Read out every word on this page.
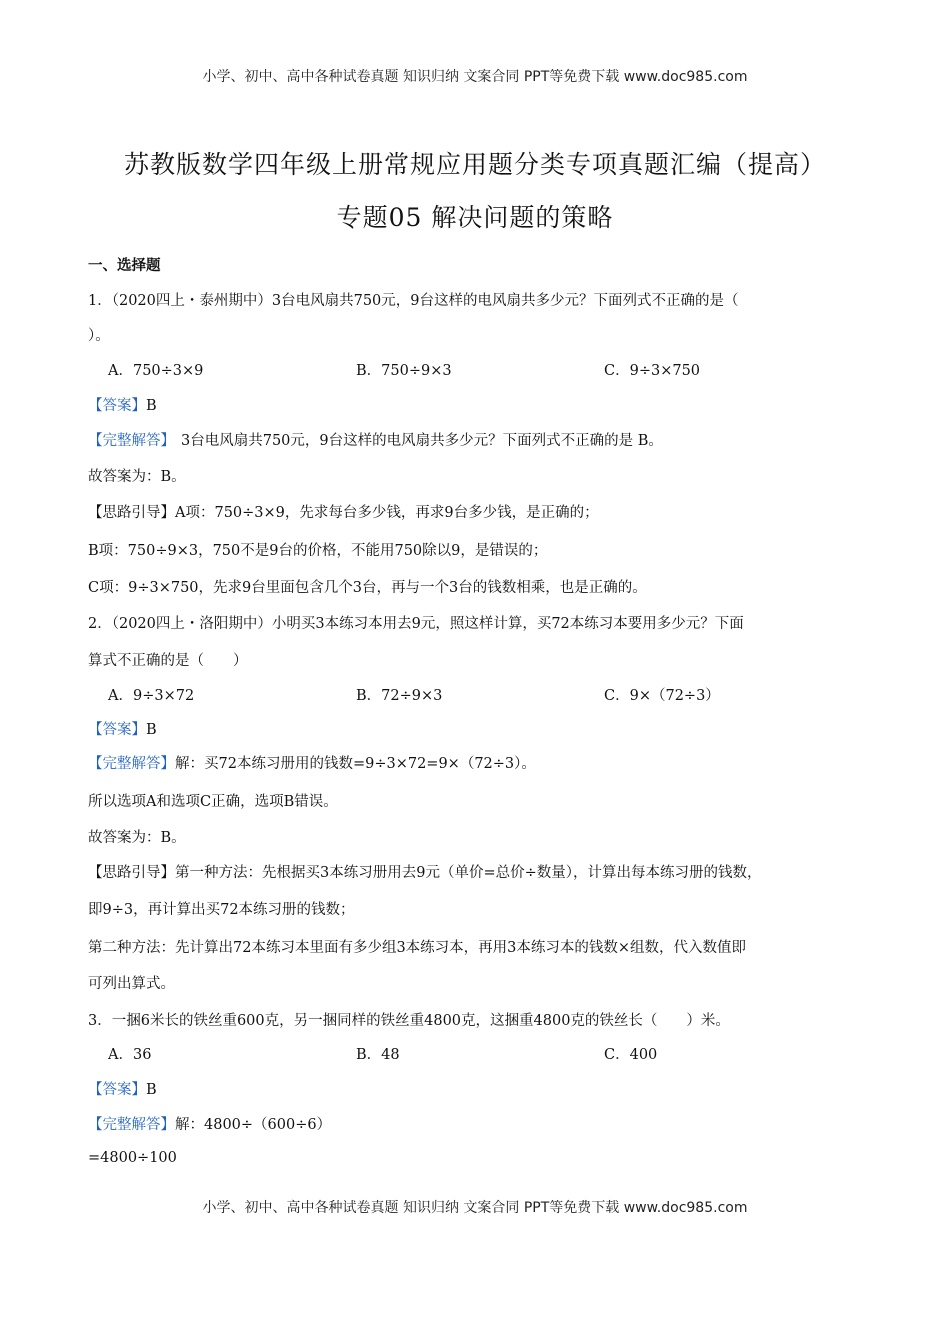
小学、初中、高中各种试卷真题 知识归纳 文案合同 PPT等免费下载 www.doc985.com
苏教版数学四年级上册常规应用题分类专项真题汇编（提高）
专题05 解决问题的策略
一、选择题
1．（2020四上・泰州期中）3台电风扇共750元，9台这样的电风扇共多少元？下面列式不正确的是（
）。
A．750÷3×9	B．750÷9×3	C．9÷3×750
【答案】B
【完整解答】 3台电风扇共750元，9台这样的电风扇共多少元？下面列式不正确的是 B。
故答案为：B。
【思路引导】A项：750÷3×9，先求每台多少钱，再求9台多少钱，是正确的；
B项：750÷9×3，750不是9台的价格，不能用750除以9，是错误的；
C项：9÷3×750，先求9台里面包含几个3台，再与一个3台的钱数相乘，也是正确的。
2．（2020四上・洛阳期中）小明买3本练习本用去9元，照这样计算，买72本练习本要用多少元？下面
算式不正确的是（　　）
A．9÷3×72	B．72÷9×3	C．9×（72÷3）
【答案】B
【完整解答】解：买72本练习册用的钱数=9÷3×72=9×（72÷3）。
所以选项A和选项C正确，选项B错误。
故答案为：B。
【思路引导】第一种方法：先根据买3本练习册用去9元（单价=总价÷数量），计算出每本练习册的钱数，
即9÷3，再计算出买72本练习册的钱数；
第二种方法：先计算出72本练习本里面有多少组3本练习本，再用3本练习本的钱数×组数，代入数值即
可列出算式。
3．一捆6米长的铁丝重600克，另一捆同样的铁丝重4800克，这捆重4800克的铁丝长（　　）米。
A．36	B．48	C．400
【答案】B
【完整解答】解：4800÷（600÷6）
=4800÷100
小学、初中、高中各种试卷真题 知识归纳 文案合同 PPT等免费下载 www.doc985.com
